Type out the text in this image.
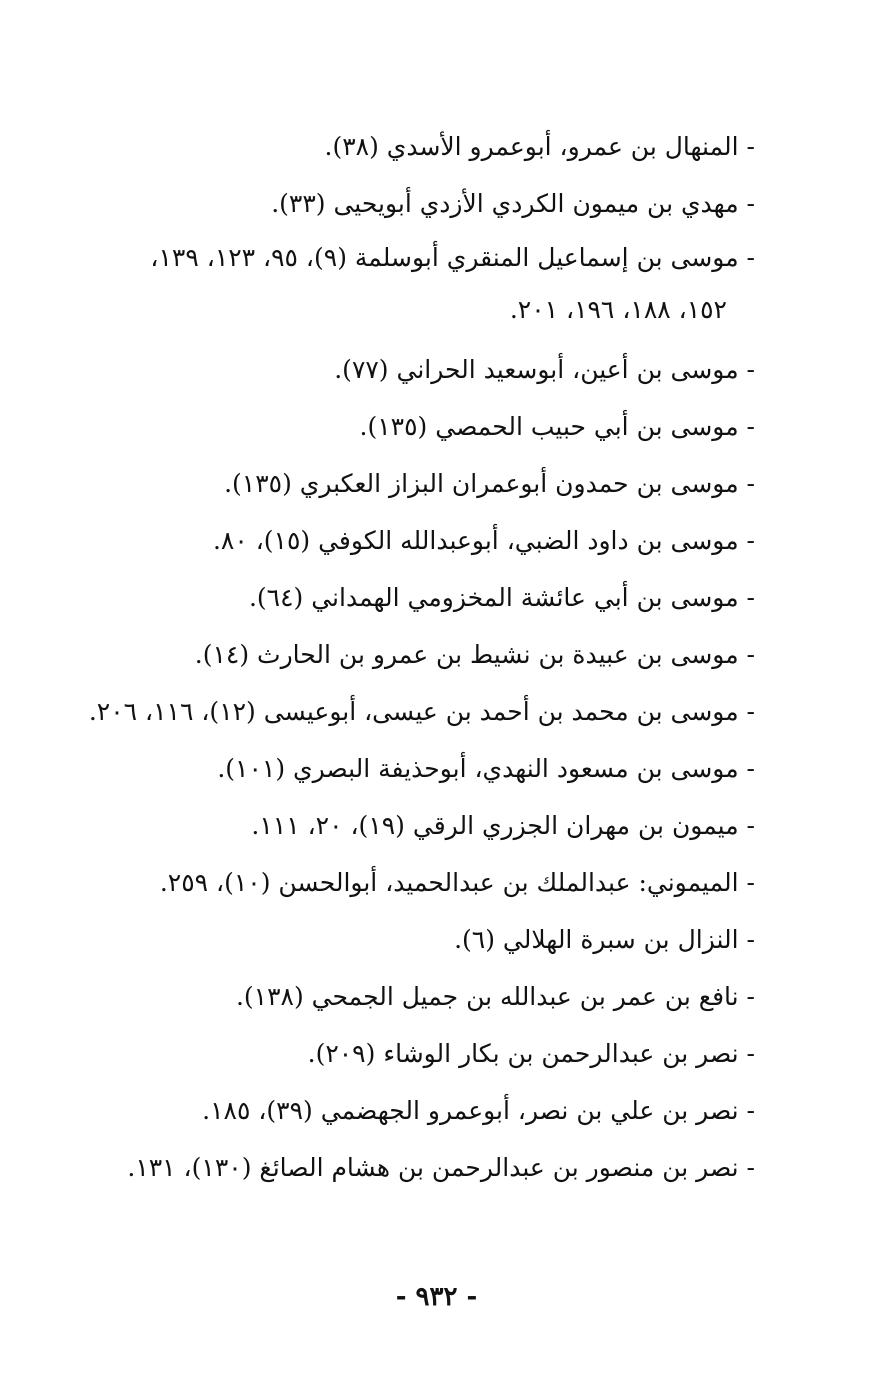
- المنهال بن عمرو، أبوعمرو الأسدي (٣٨).
- مهدي بن ميمون الكردي الأزدي أبويحيى (٣٣).
- موسى بن إسماعيل المنقري أبوسلمة (٩)، ٩٥، ١٢٣، ١٣٩،
١٥٢، ١٨٨، ١٩٦، ٢٠١.
- موسى بن أعين، أبوسعيد الحراني (٧٧).
- موسى بن أبي حبيب الحمصي (١٣٥).
- موسى بن حمدون أبوعمران البزاز العكبري (١٣٥).
- موسى بن داود الضبي، أبوعبدالله الكوفي (١٥)، ٨٠.
- موسى بن أبي عائشة المخزومي الهمداني (٦٤).
- موسى بن عبيدة بن نشيط بن عمرو بن الحارث (١٤).
- موسى بن محمد بن أحمد بن عيسى، أبوعيسى (١٢)، ١١٦، ٢٠٦.
- موسى بن مسعود النهدي، أبوحذيفة البصري (١٠١).
- ميمون بن مهران الجزري الرقي (١٩)، ٢٠، ١١١.
- الميموني: عبدالملك بن عبدالحميد، أبوالحسن (١٠)، ٢٥٩.
- النزال بن سبرة الهلالي (٦).
- نافع بن عمر بن عبدالله بن جميل الجمحي (١٣٨).
- نصر بن عبدالرحمن بن بكار الوشاء (٢٠٩).
- نصر بن علي بن نصر، أبوعمرو الجهضمي (٣٩)، ١٨٥.
- نصر بن منصور بن عبدالرحمن بن هشام الصائغ (١٣٠)، ١٣١.
- ٩٣٢ -
